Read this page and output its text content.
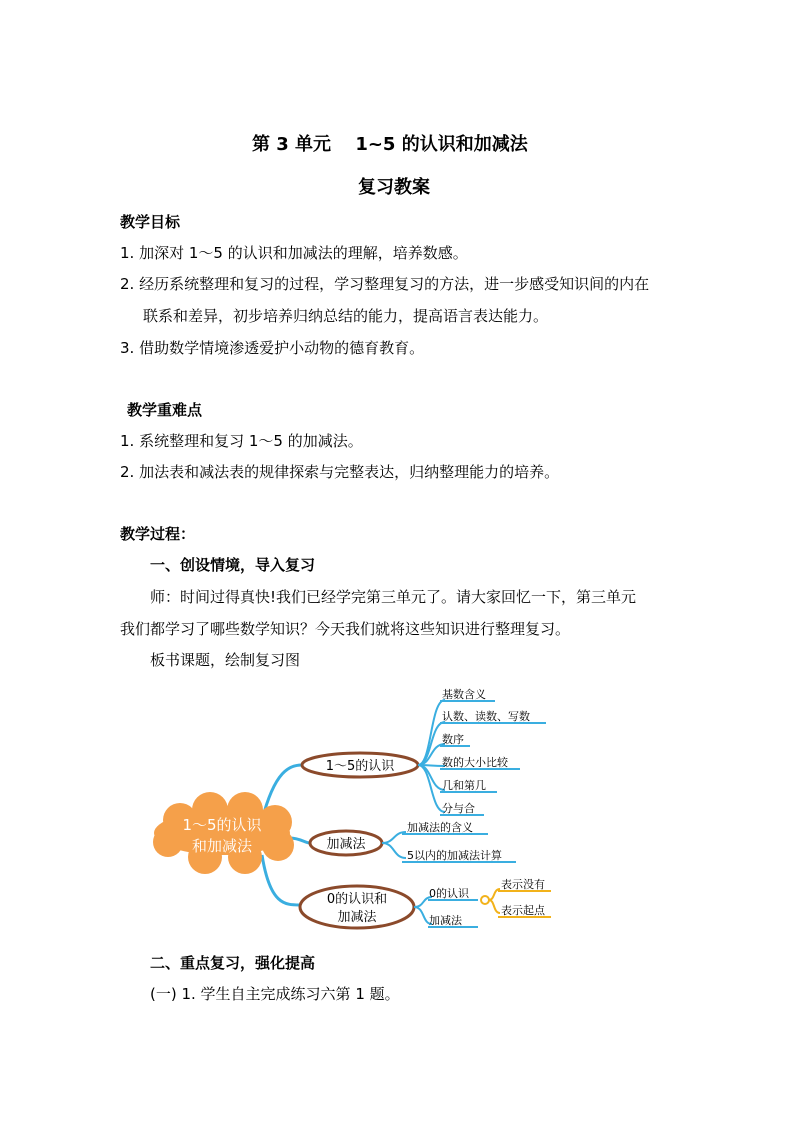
第 3 单元　 1~5 的认识和加减法
复习教案
教学目标
1. 加深对 1～5 的认识和加减法的理解，培养数感。
2. 经历系统整理和复习的过程，学习整理复习的方法，进一步感受知识间的内在
联系和差异，初步培养归纳总结的能力，提高语言表达能力。
3. 借助数学情境渗透爱护小动物的德育教育。
教学重难点
1. 系统整理和复习 1～5 的加减法。
2. 加法表和减法表的规律探索与完整表达，归纳整理能力的培养。
教学过程：
一、创设情境，导入复习
师：时间过得真快!我们已经学完第三单元了。请大家回忆一下，第三单元
我们都学习了哪些数学知识？今天我们就将这些知识进行整理复习。
板书课题，绘制复习图
1～5的认识
和加减法
1～5的认识
基数含义
认数、读数、写数
数序
数的大小比较
几和第几
分与合
加减法
加减法的含义
5以内的加减法计算
0的认识和
加减法
0的认识
加减法
表示没有
表示起点
二、重点复习，强化提高
(一) 1. 学生自主完成练习六第 1 题。
